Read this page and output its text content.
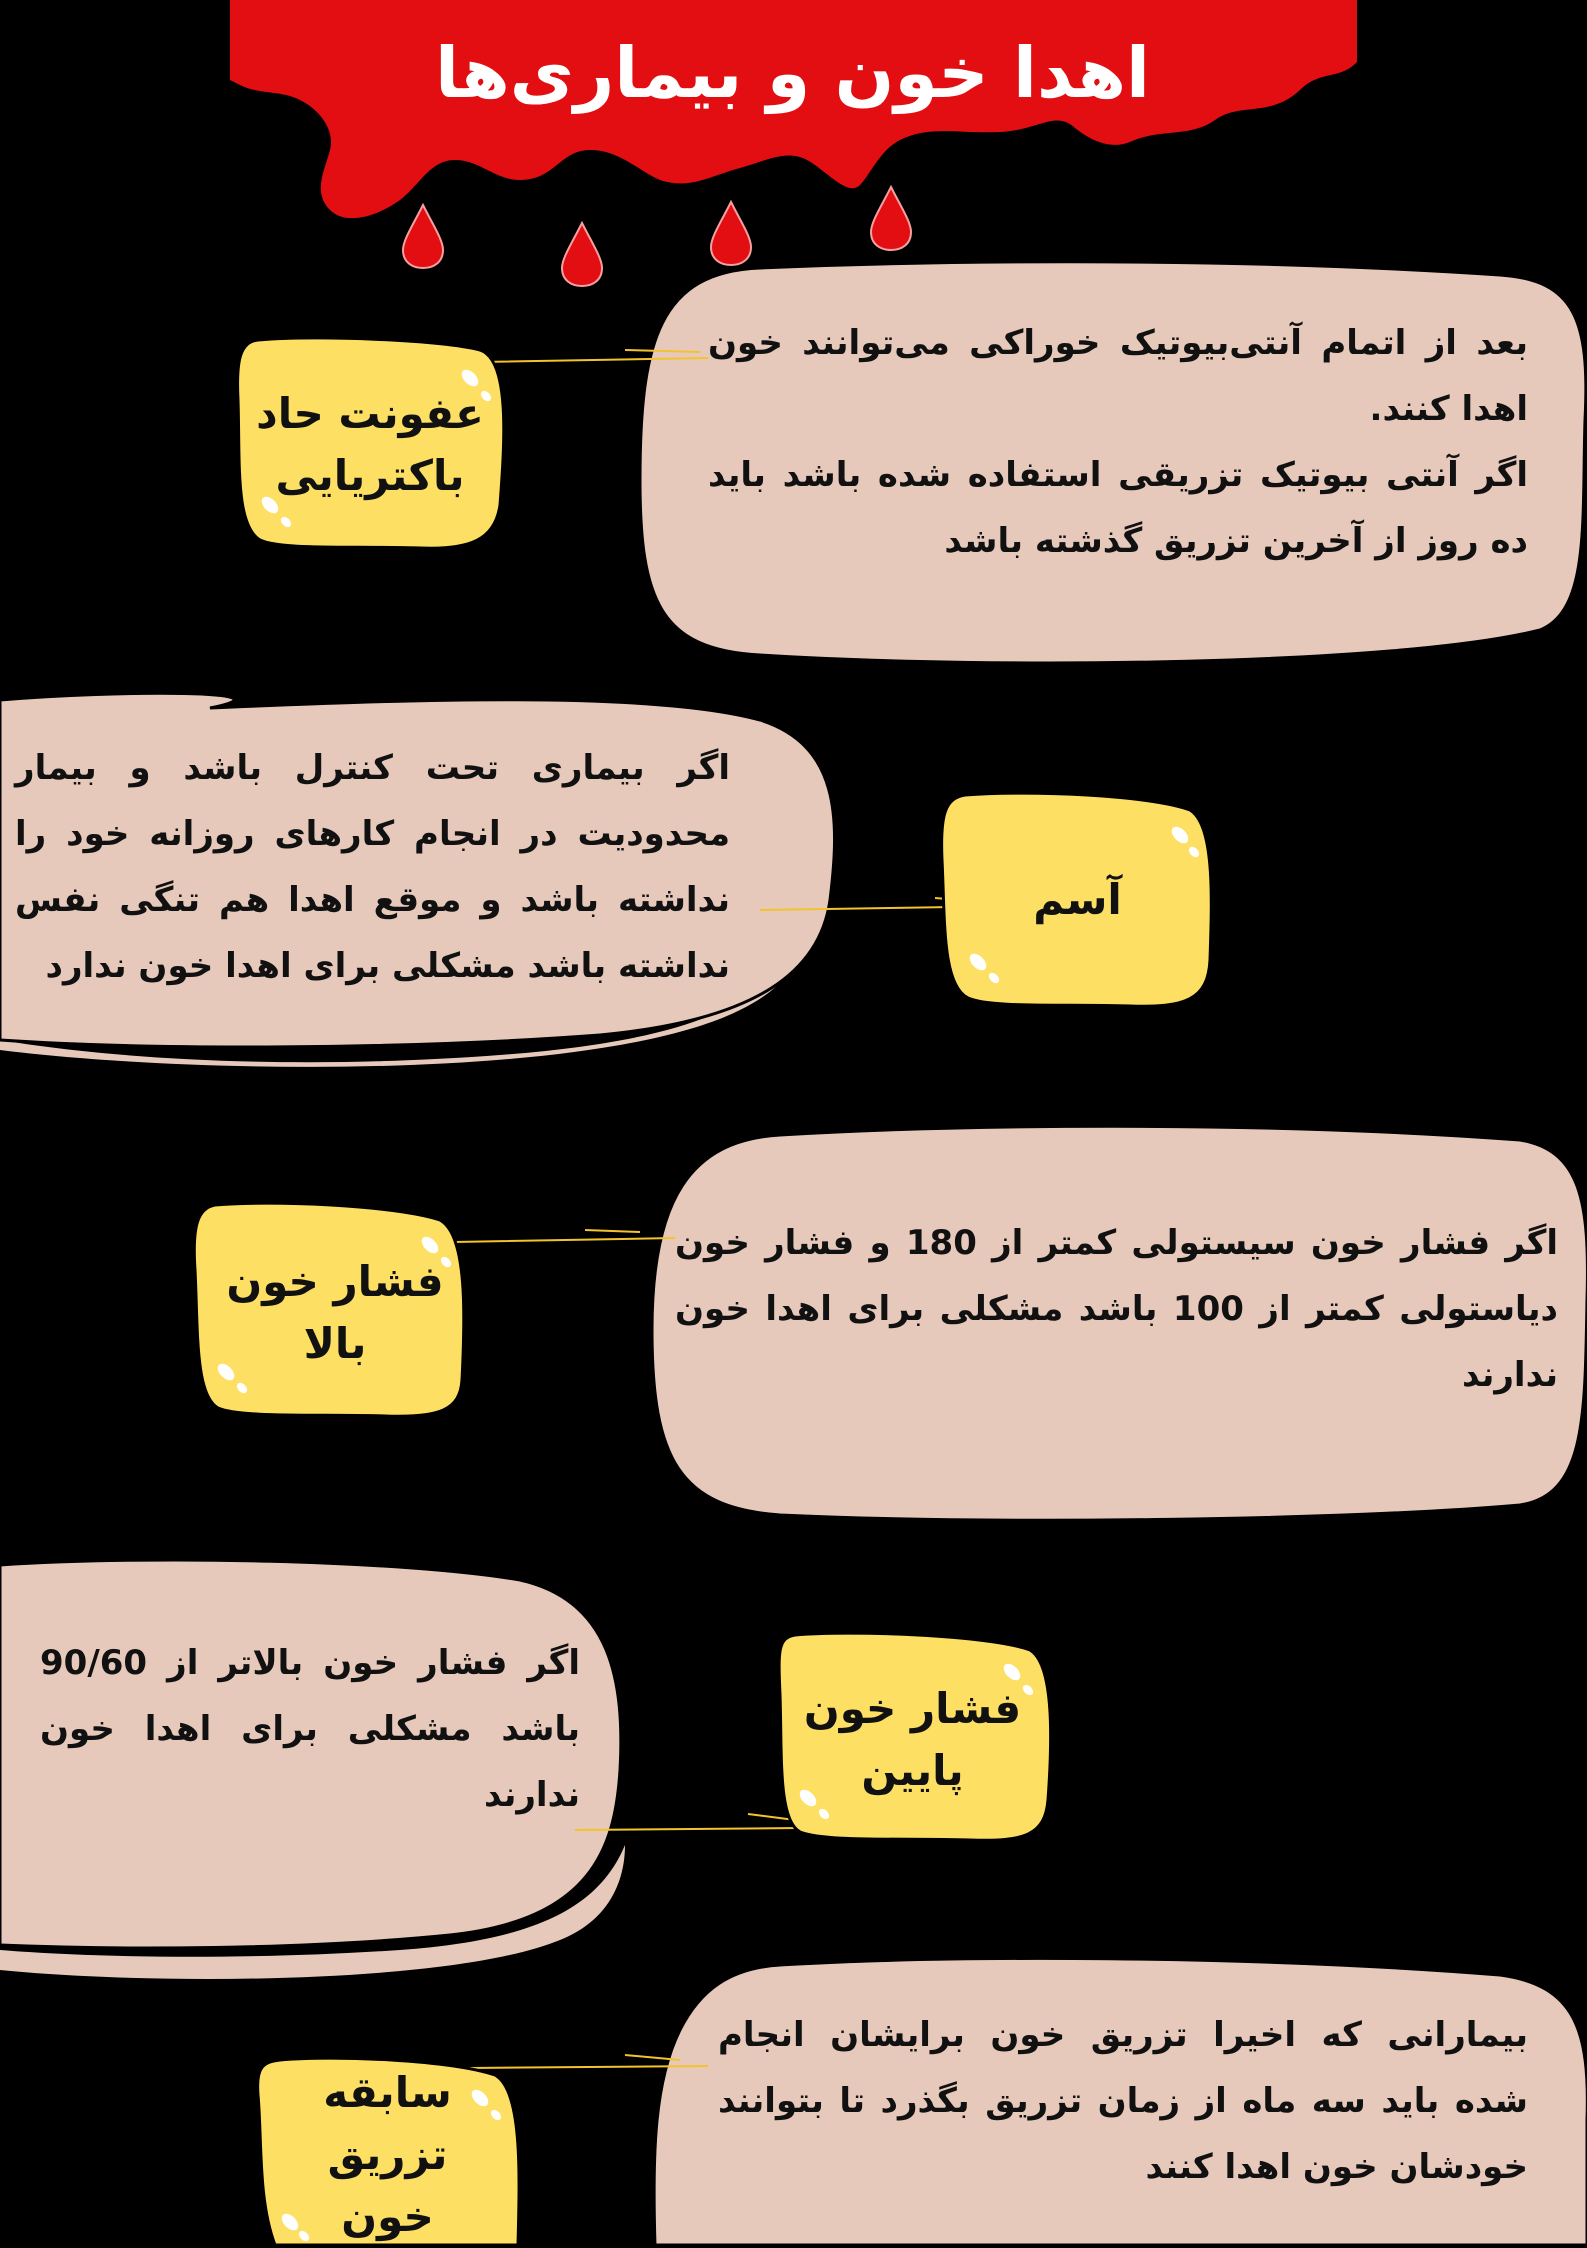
اهدا خون و بیماری‌ها
بعد از اتمام آنتی‌بیوتیک خوراکی می‌توانند خون اهدا کنند.
اگر آنتی بیوتیک تزریقی استفاده شده باشد باید ده روز از آخرین تزریق گذشته باشد
عفونت حاد
باکتریایی
اگر بیماری تحت کنترل باشد و بیمار محدودیت در انجام کارهای روزانه خود را نداشته باشد و موقع اهدا هم تنگی نفس نداشته باشد مشکلی برای اهدا خون ندارد
آسم
اگر فشار خون سیستولی کمتر از 180 و فشار خون دیاستولی کمتر از 100 باشد مشکلی برای اهدا خون ندارند
فشار خون
بالا
اگر فشار خون بالاتر از 90/60 باشد مشکلی برای اهدا خون ندارند
فشار خون
پایین
بیمارانی که اخیرا تزریق خون برایشان انجام شده باید سه ماه از زمان تزریق بگذرد تا بتوانند خودشان خون اهدا کنند
سابقه تزریق
خون
